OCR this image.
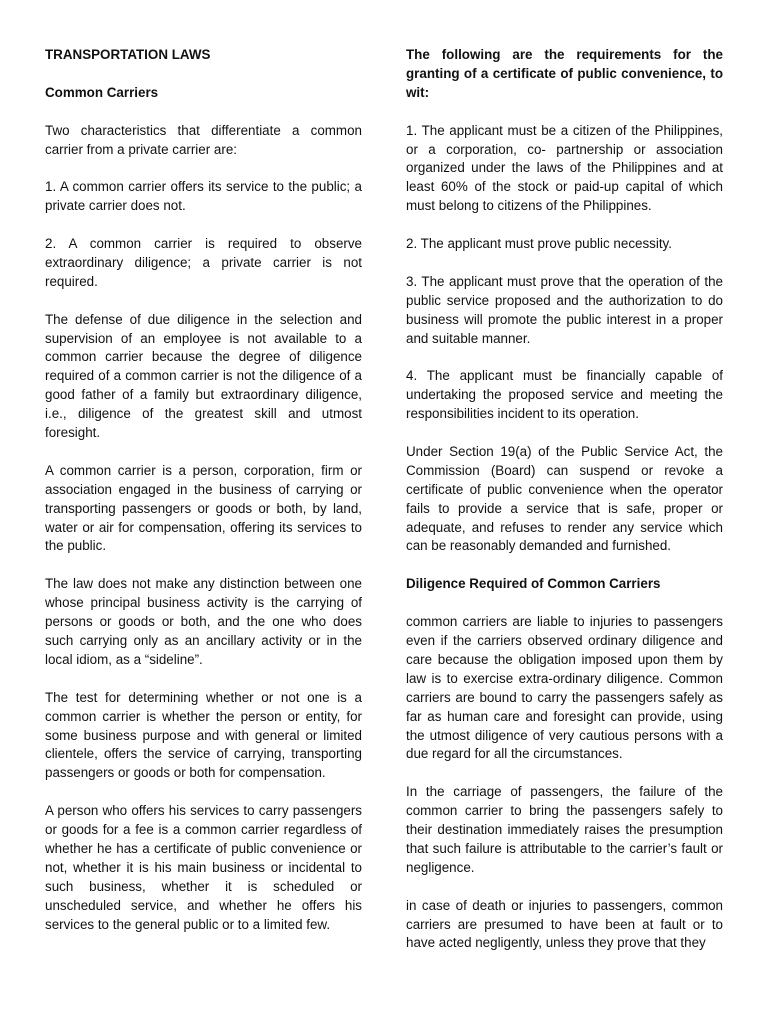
TRANSPORTATION LAWS

Common Carriers

Two characteristics that differentiate a common carrier from a private carrier are:

1. A common carrier offers its service to the public; a private carrier does not.

2. A common carrier is required to observe extraordinary diligence; a private carrier is not required.

The defense of due diligence in the selection and supervision of an employee is not available to a common carrier because the degree of diligence required of a common carrier is not the diligence of a good father of a family but extraordinary diligence, i.e., diligence of the greatest skill and utmost foresight.

A common carrier is a person, corporation, firm or association engaged in the business of carrying or transporting passengers or goods or both, by land, water or air for compensation, offering its services to the public.

The law does not make any distinction between one whose principal business activity is the carrying of persons or goods or both, and the one who does such carrying only as an ancillary activity or in the local idiom, as a “sideline”.

The test for determining whether or not one is a common carrier is whether the person or entity, for some business purpose and with general or limited clientele, offers the service of carrying, transporting passengers or goods or both for compensation.

A person who offers his services to carry passengers or goods for a fee is a common carrier regardless of whether he has a certificate of public convenience or not, whether it is his main business or incidental to such business, whether it is scheduled or unscheduled service, and whether he offers his services to the general public or to a limited few.

The following are the requirements for the granting of a certificate of public convenience, to wit:

1. The applicant must be a citizen of the Philippines, or a corporation, co- partnership or association organized under the laws of the Philippines and at least 60% of the stock or paid-up capital of which must belong to citizens of the Philippines.

2. The applicant must prove public necessity.

3. The applicant must prove that the operation of the public service proposed and the authorization to do business will promote the public interest in a proper and suitable manner.

4. The applicant must be financially capable of undertaking the proposed service and meeting the responsibilities incident to its operation.

Under Section 19(a) of the Public Service Act, the Commission (Board) can suspend or revoke a certificate of public convenience when the operator fails to provide a service that is safe, proper or adequate, and refuses to render any service which can be reasonably demanded and furnished.

Diligence Required of Common Carriers

common carriers are liable to injuries to passengers even if the carriers observed ordinary diligence and care because the obligation imposed upon them by law is to exercise extra-ordinary diligence. Common carriers are bound to carry the passengers safely as far as human care and foresight can provide, using the utmost diligence of very cautious persons with a due regard for all the circumstances.

In the carriage of passengers, the failure of the common carrier to bring the passengers safely to their destination immediately raises the presumption that such failure is attributable to the carrier’s fault or negligence.

in case of death or injuries to passengers, common carriers are presumed to have been at fault or to have acted negligently, unless they prove that they
